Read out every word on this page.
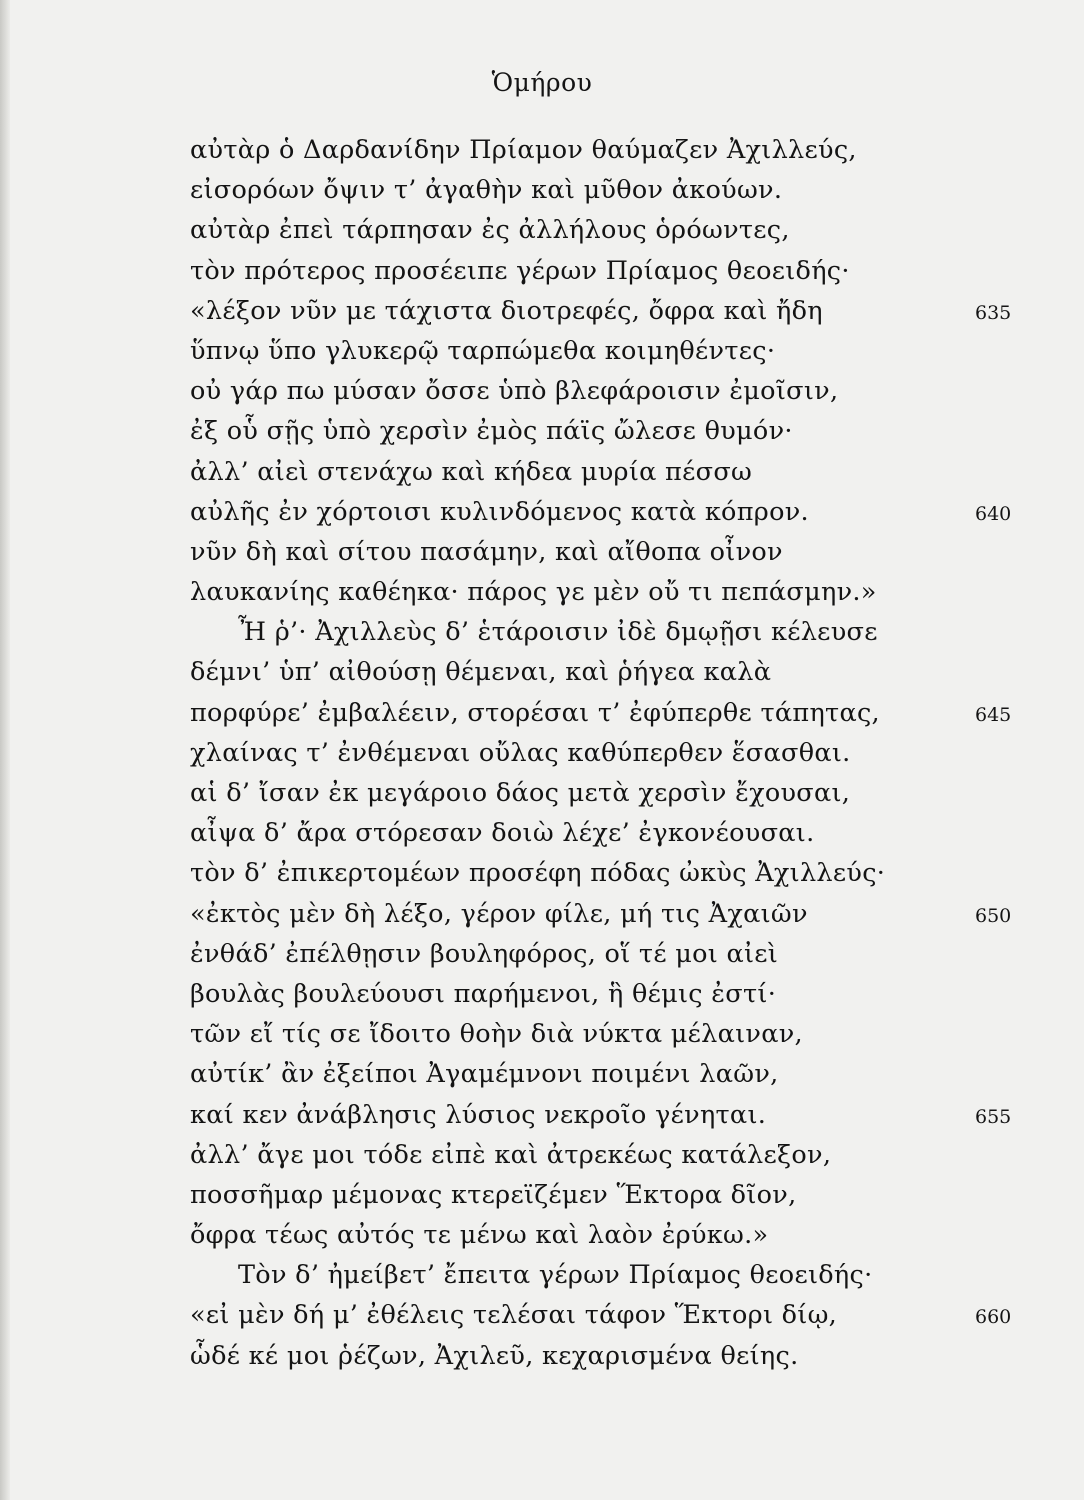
Ὁμήρου
αὐτὰρ ὁ Δαρδανίδην Πρίαμον θαύμαζεν Ἀχιλλεύς,
εἰσορόων ὄψιν τ’ ἀγαθὴν καὶ μῦθον ἀκούων.
αὐτὰρ ἐπεὶ τάρπησαν ἐς ἀλλήλους ὁρόωντες,
τὸν πρότερος προσέειπε γέρων Πρίαμος θεοειδής·
«λέξον νῦν με τάχιστα διοτρεφές, ὄφρα καὶ ἤδη	635
ὕπνῳ ὕπο γλυκερῷ ταρπώμεθα κοιμηθέντες·
οὐ γάρ πω μύσαν ὄσσε ὑπὸ βλεφάροισιν ἐμοῖσιν,
ἐξ οὗ σῇς ὑπὸ χερσὶν ἐμὸς πάϊς ὤλεσε θυμόν·
ἀλλ’ αἰεὶ στενάχω καὶ κήδεα μυρία πέσσω
αὐλῆς ἐν χόρτοισι κυλινδόμενος κατὰ κόπρον.	640
νῦν δὴ καὶ σίτου πασάμην, καὶ αἴθοπα οἶνον
λαυκανίης καθέηκα· πάρος γε μὲν οὔ τι πεπάσμην.»
Ἦ ῥ’· Ἀχιλλεὺς δ’ ἑτάροισιν ἰδὲ δμῳῇσι κέλευσε
δέμνι’ ὑπ’ αἰθούσῃ θέμεναι, καὶ ῥήγεα καλὰ
πορφύρε’ ἐμβαλέειν, στορέσαι τ’ ἐφύπερθε τάπητας,	645
χλαίνας τ’ ἐνθέμεναι οὔλας καθύπερθεν ἕσασθαι.
αἱ δ’ ἴσαν ἐκ μεγάροιο δάος μετὰ χερσὶν ἔχουσαι,
αἶψα δ’ ἄρα στόρεσαν δοιὼ λέχε’ ἐγκονέουσαι.
τὸν δ’ ἐπικερτομέων προσέφη πόδας ὠκὺς Ἀχιλλεύς·
«ἐκτὸς μὲν δὴ λέξο, γέρον φίλε, μή τις Ἀχαιῶν	650
ἐνθάδ’ ἐπέλθῃσιν βουληφόρος, οἵ τέ μοι αἰεὶ
βουλὰς βουλεύουσι παρήμενοι, ἣ θέμις ἐστί·
τῶν εἴ τίς σε ἴδοιτο θοὴν διὰ νύκτα μέλαιναν,
αὐτίκ’ ἂν ἐξείποι Ἀγαμέμνονι ποιμένι λαῶν,
καί κεν ἀνάβλησις λύσιος νεκροῖο γένηται.	655
ἀλλ’ ἄγε μοι τόδε εἰπὲ καὶ ἀτρεκέως κατάλεξον,
ποσσῆμαρ μέμονας κτερεϊζέμεν Ἕκτορα δῖον,
ὄφρα τέως αὐτός τε μένω καὶ λαὸν ἐρύκω.»
Τὸν δ’ ἠμείβετ’ ἔπειτα γέρων Πρίαμος θεοειδής·
«εἰ μὲν δή μ’ ἐθέλεις τελέσαι τάφον Ἕκτορι δίῳ,	660
ὧδέ κέ μοι ῥέζων, Ἀχιλεῦ, κεχαρισμένα θείης.
